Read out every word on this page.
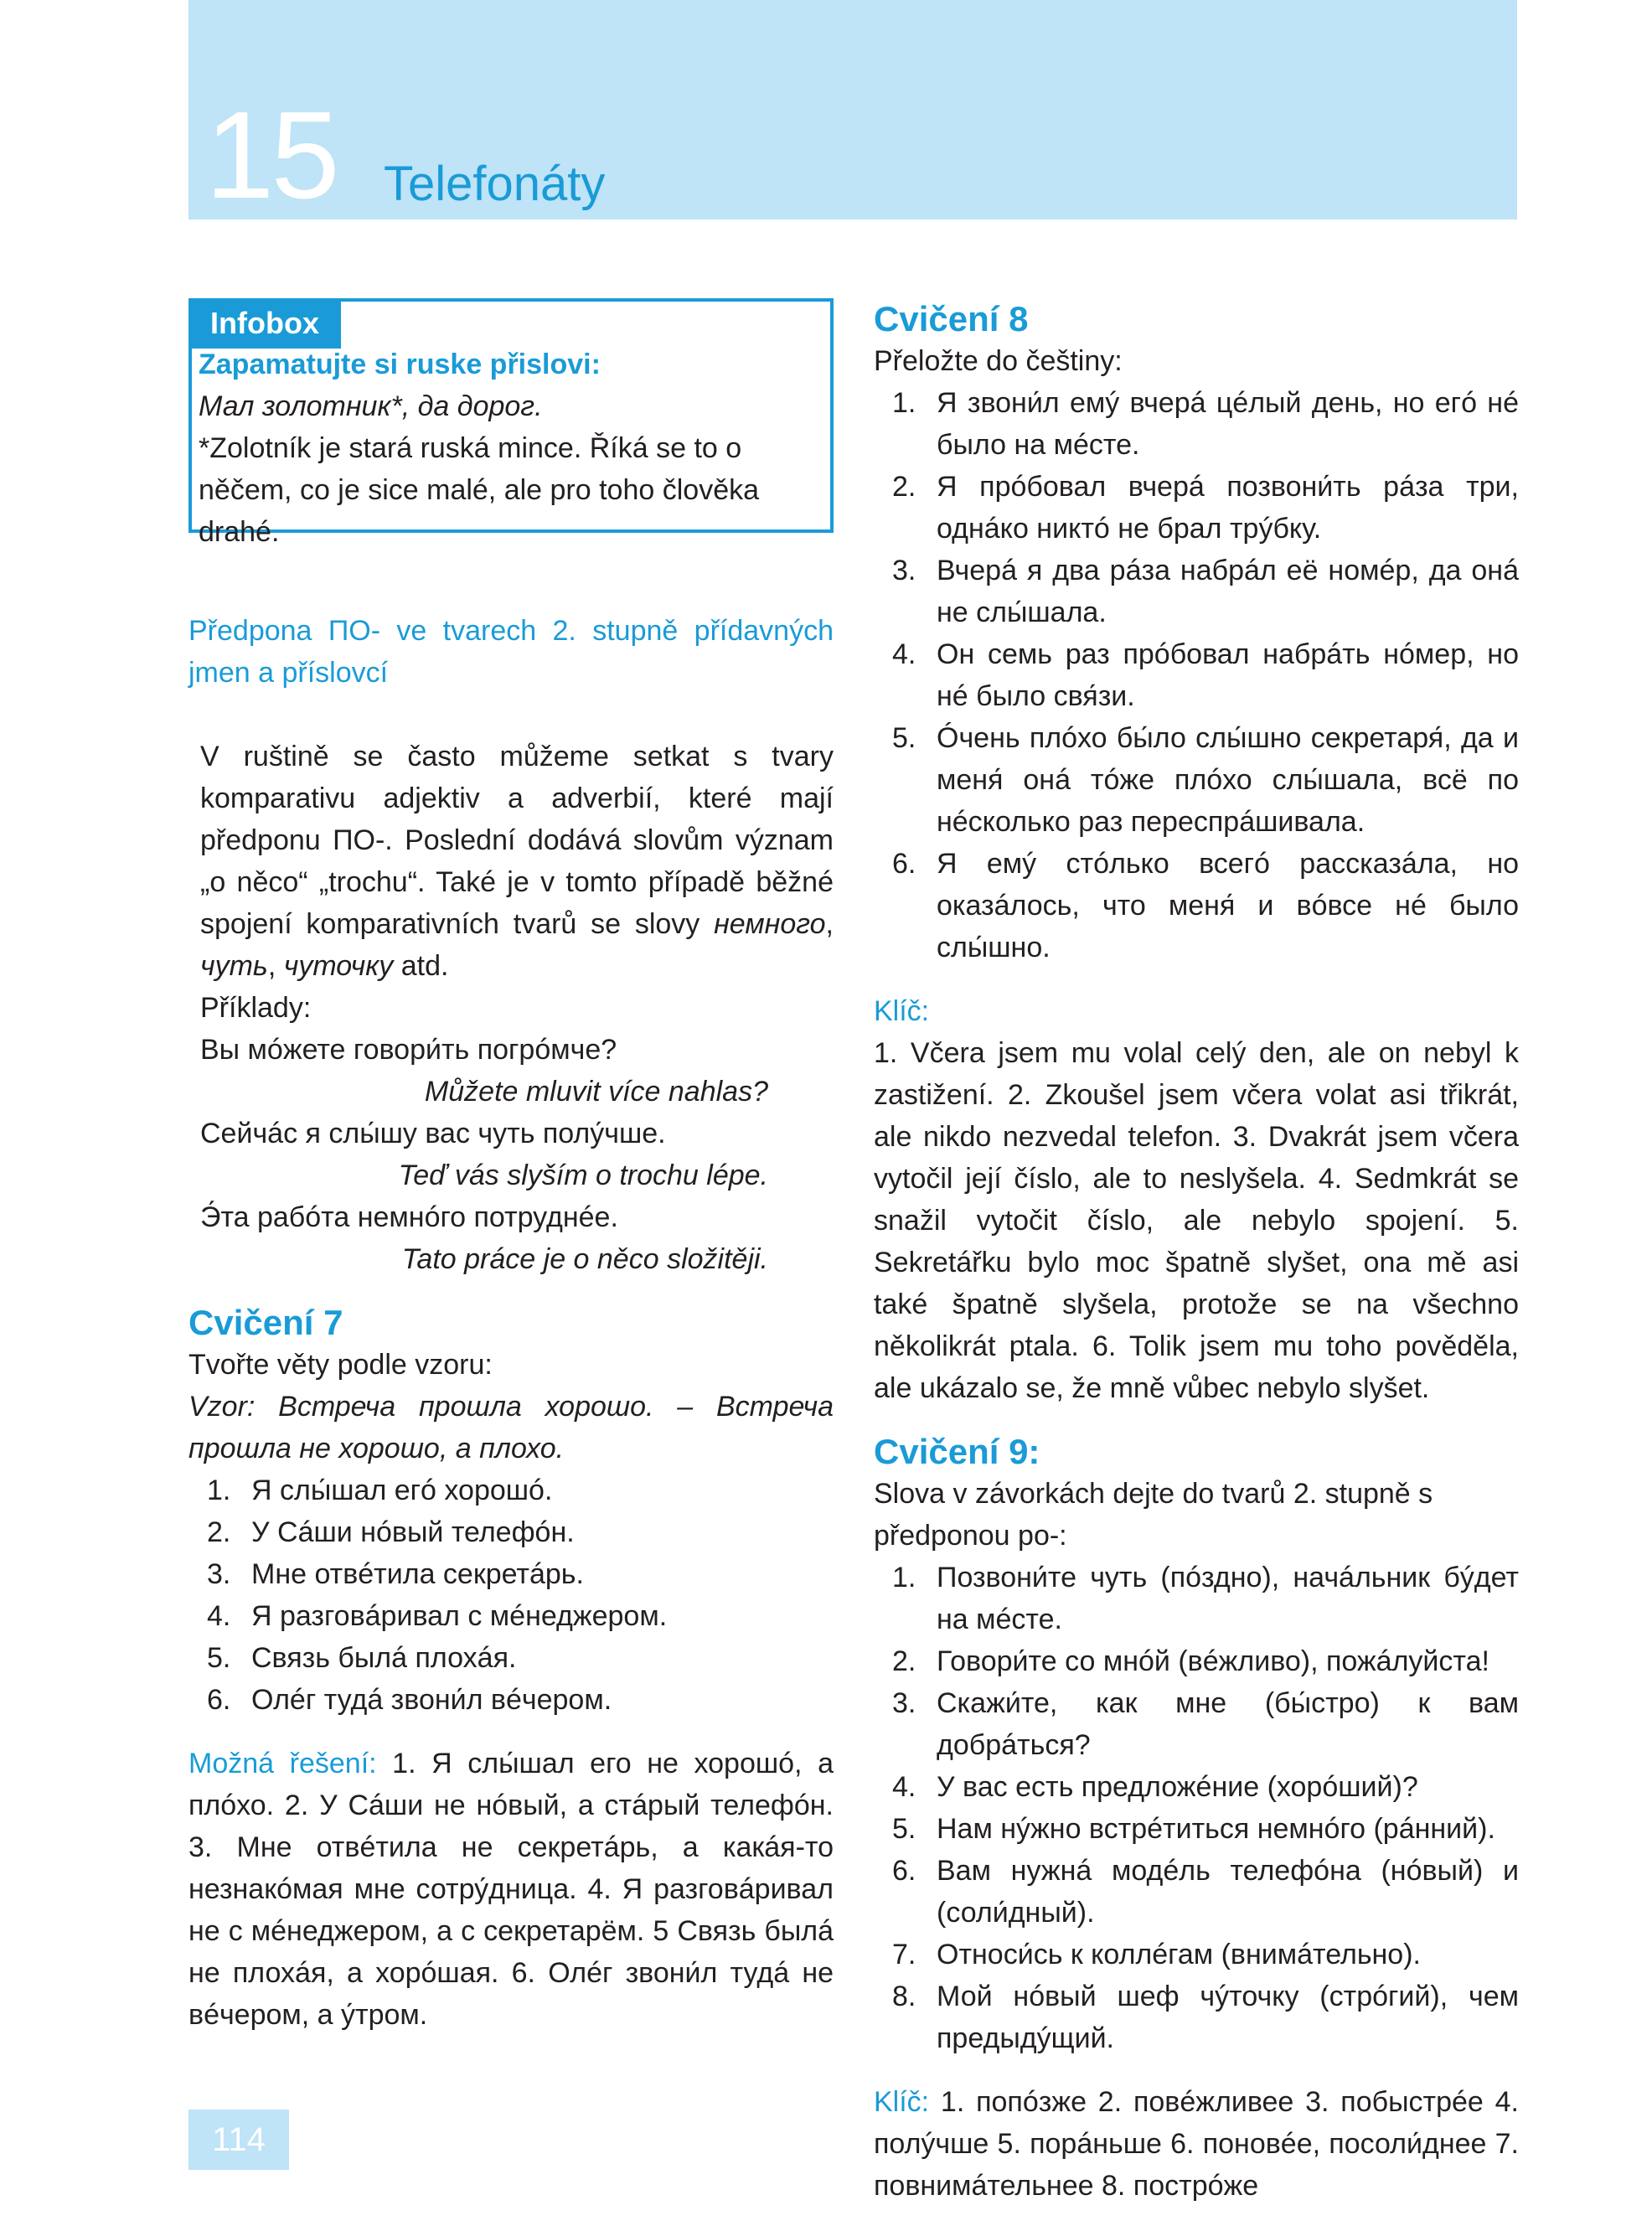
15 Telefonáty
Infobox
Zapamatujte si ruske přislovi:
Мал золотник*, да дорог.
*Zolotník je stará ruská mince. Říká se to o něčem, co je sice malé, ale pro toho člověka drahé.
Předpona ПО- ve tvarech 2. stupně přídavných jmen a příslovcí
V ruštině se často můžeme setkat s tvary komparativu adjektiv a adverbií, které mají předponu ПО-. Poslední dodává slovům význam „o něco“ „trochu“. Také je v tomto případě běžné spojení komparativních tvarů se slovy немного, чуть, чуточку atd.
Příklady:
Вы мóжете говори́ть погрóмче?
Můžete mluvit více nahlas?
Сейчáс я слы́шу вас чуть полу́чше.
Teď vás slyším o trochu lépe.
Э́та рабóта немнóго потруднéе.
Tato práce je o něco složitěji.
Cvičení 7
Tvořte věty podle vzoru:
Vzor: Встреча прошла хорошо. – Встреча прошла не хорошо, а плохо.
1. Я слы́шал егó хорошó.
2. У Сáши нóвый телефóн.
3. Мне отвéтила секретáрь.
4. Я разговáривал с мéнеджером.
5. Связь былá плохáя.
6. Олéг тудá звони́л вéчером.
Možná řešení: 1. Я слы́шал его не хорошó, а плóхо. 2. У Сáши не нóвый, а стáрый телефóн. 3. Мне отвéтила не секретáрь, а какáя-то незнакóмая мне сотру́дница. 4. Я разговáривал не с мéнеджером, а с секретарём. 5 Связь былá не плохáя, а хорóшая. 6. Олéг звони́л тудá не вéчером, а у́тром.
Cvičení 8
Přeložte do češtiny:
1. Я звони́л емý вчерá цéлый день, но егó нé было на мéсте.
2. Я прóбовал вчерá позвони́ть рáза три, однáко никтó не брал трýбку.
3. Вчерá я два рáза набрáл её номéр, да онá не слы́шала.
4. Он семь раз прóбовал набрáть нóмер, но нé было свя́зи.
5. Óчень плóхо бы́ло слы́шно секретаря́, да и меня́ онá тóже плóхо слы́шала, всё по нéсколько раз переспрáшивала.
6. Я емý стóлько всегó рассказáла, но оказáлось, что меня́ и вóвсе нé было слы́шно.
Klíč:
1. Včera jsem mu volal celý den, ale on nebyl k zastižení. 2. Zkoušel jsem včera volat asi třikrát, ale nikdo nezvedal telefon. 3. Dvakrát jsem včera vytočil její číslo, ale to neslyšela. 4. Sedmkrát se snažil vytočit číslo, ale nebylo spojení. 5. Sekretářku bylo moc špatně slyšet, ona mě asi také špatně slyšela, protože se na všechno několikrát ptala. 6. Tolik jsem mu toho pověděla, ale ukázalo se, že mně vůbec nebylo slyšet.
Cvičení 9:
Slova v závorkách dejte do tvarů 2. stupně s předponou po-:
1. Позвони́те чуть (пóздно), начáльник бýдет на мéсте.
2. Говори́те со мнóй (вéжливо), пожáлуйста!
3. Скажи́те, как мне (бы́стро) к вам добрáться?
4. У вас есть предложéние (хорóший)?
5. Нам нýжно встрéтиться немнóго (рáнний).
6. Вам нужнá модéль телефóна (нóвый) и (соли́дный).
7. Относи́сь к коллéгам (внимáтельно).
8. Мой нóвый шеф чýточку (стрóгий), чем предыдýщий.
Klíč: 1. попóзже 2. повéжливее 3. побыстрée 4. полýчше 5. порáньше 6. поновée, посоли́днее 7. повнимáтельнее 8. пострóже
114
